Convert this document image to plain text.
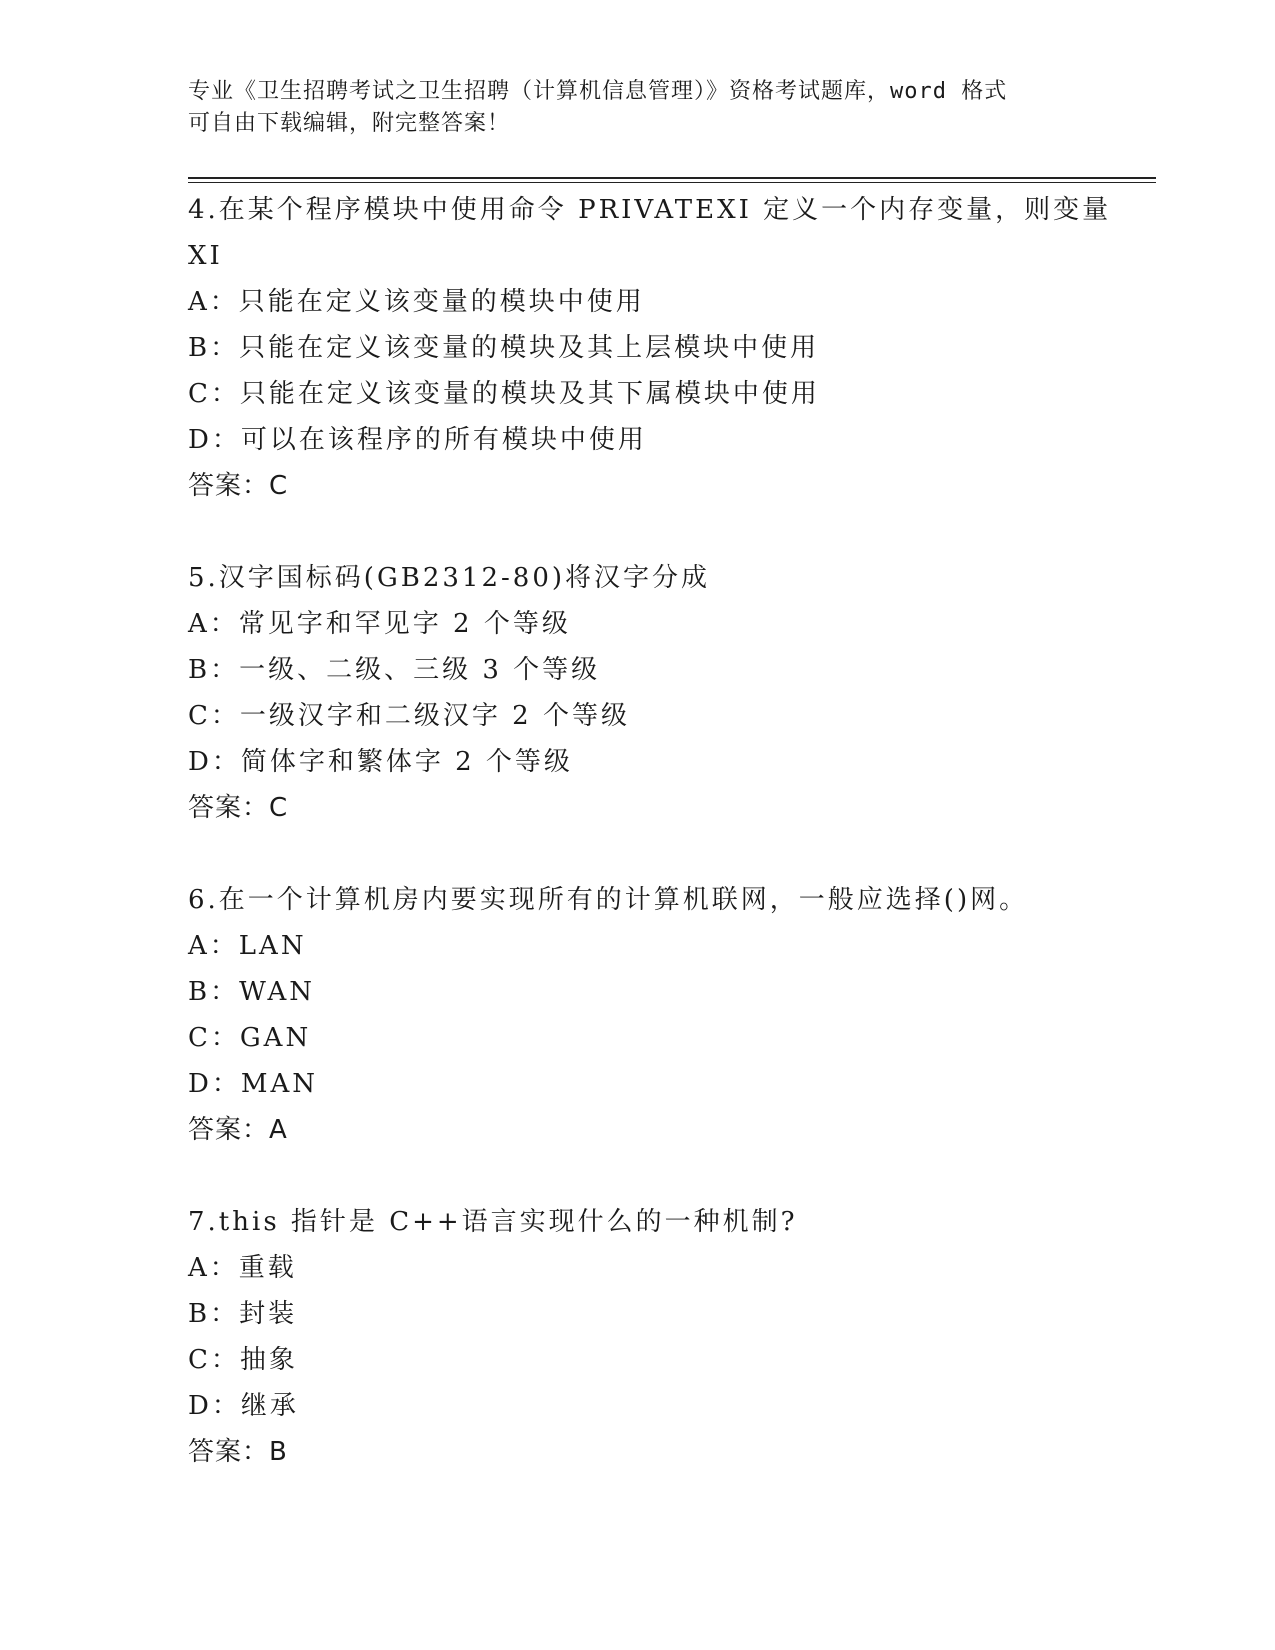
专业《卫生招聘考试之卫生招聘（计算机信息管理）》资格考试题库，word 格式

可自由下载编辑，附完整答案！

4.在某个程序模块中使用命令 PRIVATEXI 定义一个内存变量，则变量
XI
A：只能在定义该变量的模块中使用
B：只能在定义该变量的模块及其上层模块中使用
C：只能在定义该变量的模块及其下属模块中使用
D：可以在该程序的所有模块中使用
答案：C
5.汉字国标码(GB2312-80)将汉字分成
A：常见字和罕见字 2 个等级
B：一级、二级、三级 3 个等级
C：一级汉字和二级汉字 2 个等级
D：简体字和繁体字 2 个等级
答案：C
6.在一个计算机房内要实现所有的计算机联网，一般应选择()网。
A：LAN
B：WAN
C：GAN
D：MAN
答案：A
7.this 指针是 C++语言实现什么的一种机制?
A：重载
B：封装
C：抽象
D：继承
答案：B
